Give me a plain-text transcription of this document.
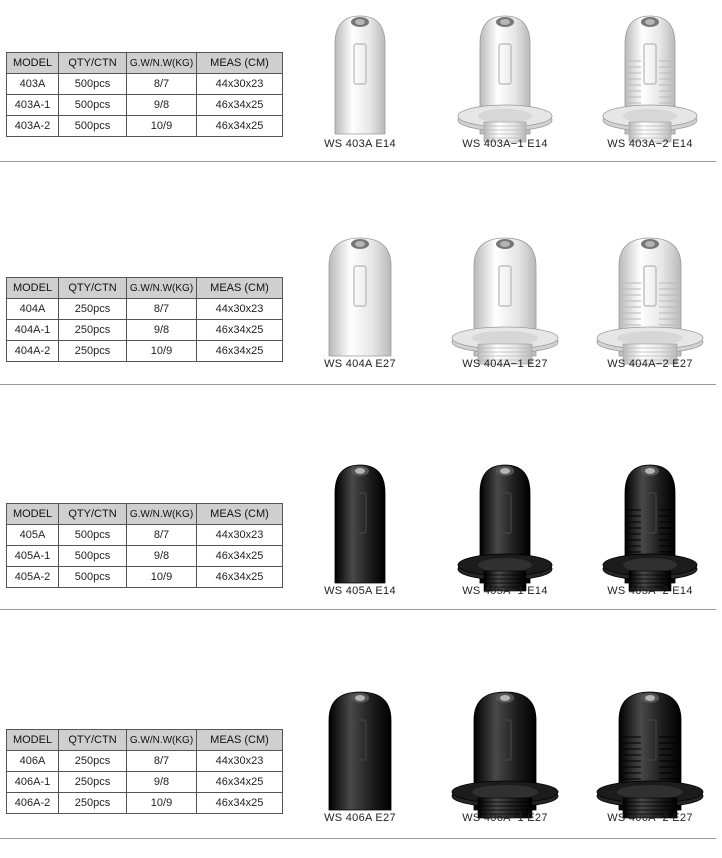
MODEL	QTY/CTN	G.W/N.W(KG)	MEAS (CM)
403A	500pcs	8/7	44x30x23
403A-1	500pcs	9/8	46x34x25
403A-2	500pcs	10/9	46x34x25
WS 403A E14	WS 403A−1 E14	WS 403A−2 E14
MODEL	QTY/CTN	G.W/N.W(KG)	MEAS (CM)
404A	250pcs	8/7	44x30x23
404A-1	250pcs	9/8	46x34x25
404A-2	250pcs	10/9	46x34x25
WS 404A E27	WS 404A−1 E27	WS 404A−2 E27
MODEL	QTY/CTN	G.W/N.W(KG)	MEAS (CM)
405A	500pcs	8/7	44x30x23
405A-1	500pcs	9/8	46x34x25
405A-2	500pcs	10/9	46x34x25
WS 405A E14	WS 405A−1 E14	WS 405A−2 E14
MODEL	QTY/CTN	G.W/N.W(KG)	MEAS (CM)
406A	250pcs	8/7	44x30x23
406A-1	250pcs	9/8	46x34x25
406A-2	250pcs	10/9	46x34x25
WS 406A E27	WS 406A−1 E27	WS 406A−2 E27
